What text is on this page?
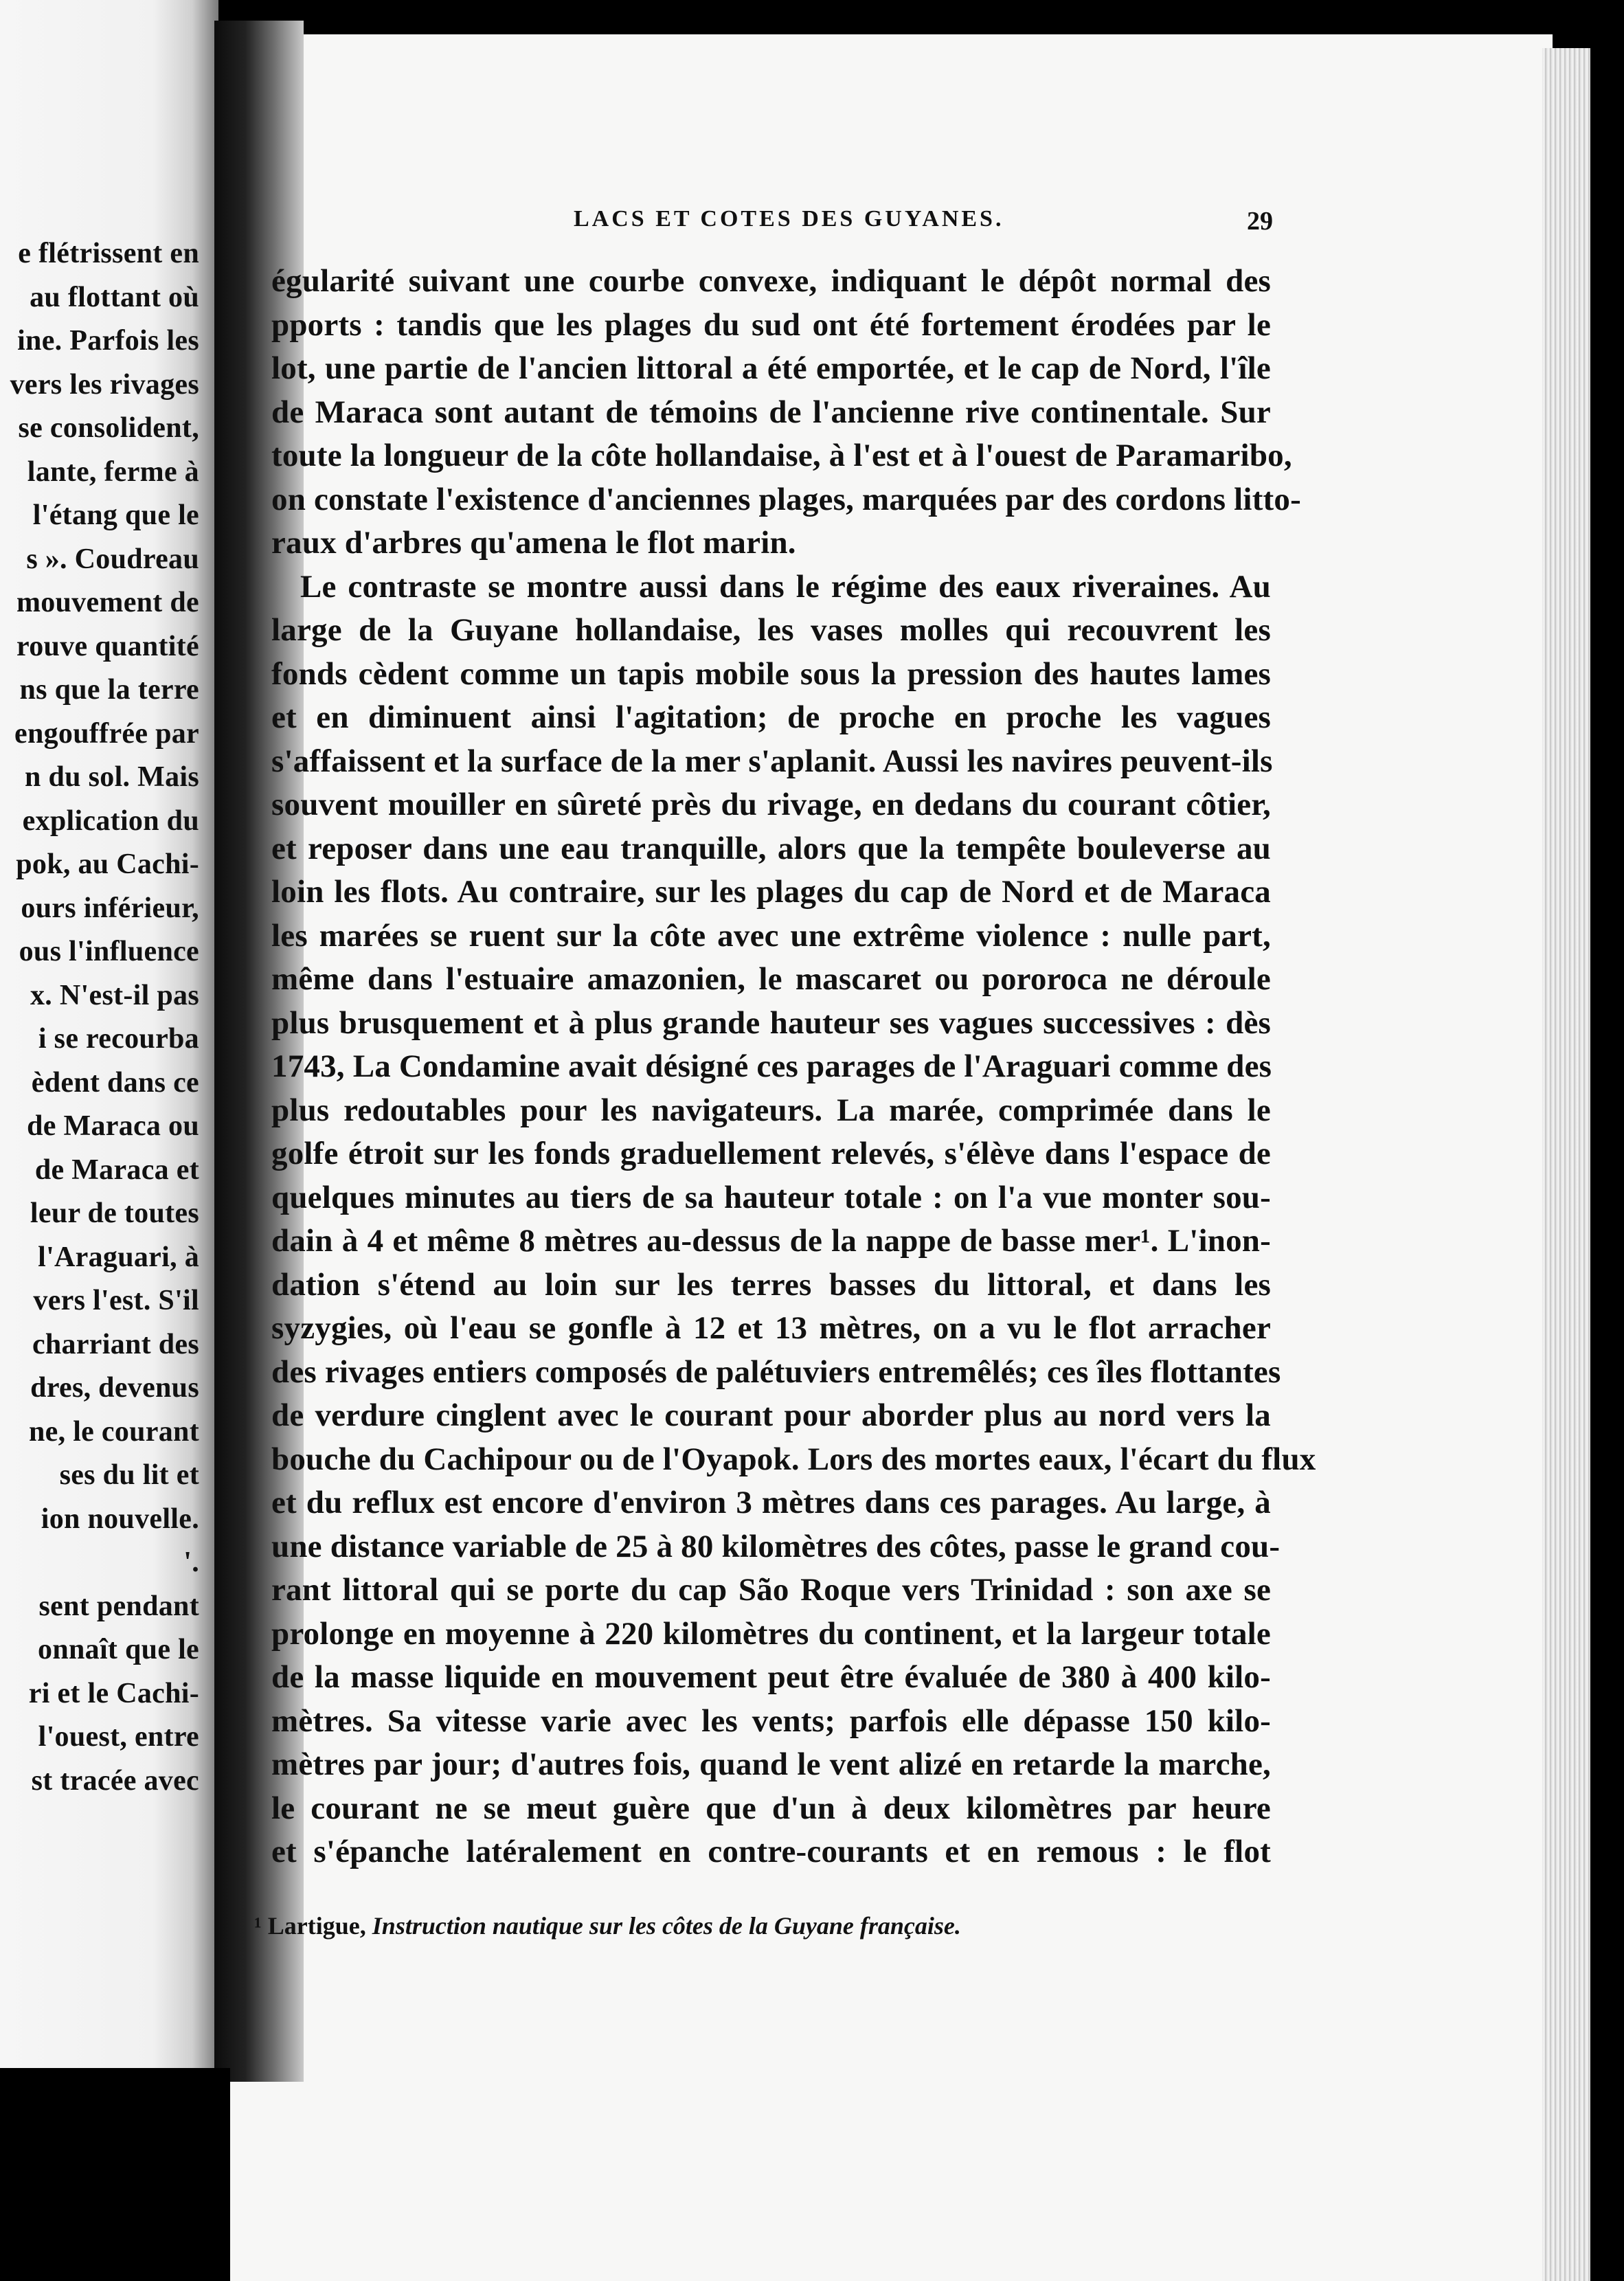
e flétrissent en
au flottant où
ine. Parfois les
vers les rivages
se consolident,
lante, ferme à
l'étang que le
s ». Coudreau
mouvement de
rouve quantité
ns que la terre
engouffrée par
n du sol. Mais
explication du
pok, au Cachi-
ours inférieur,
ous l'influence
x. N'est-il pas
i se recourba
èdent dans ce
de Maraca ou
de Maraca et
leur de toutes
l'Araguari, à
vers l'est. S'il
charriant des
dres, devenus
ne, le courant
ses du lit et
ion nouvelle.
'.
sent pendant
onnaît que le
ri et le Cachi-
l'ouest, entre
st tracée avec
LACS ET COTES DES GUYANES.	29
égularité suivant une courbe convexe, indiquant le dépôt normal des
pports : tandis que les plages du sud ont été fortement érodées par le
lot, une partie de l'ancien littoral a été emportée, et le cap de Nord, l'île
de Maraca sont autant de témoins de l'ancienne rive continentale. Sur
toute la longueur de la côte hollandaise, à l'est et à l'ouest de Paramaribo,
on constate l'existence d'anciennes plages, marquées par des cordons litto-
raux d'arbres qu'amena le flot marin.
Le contraste se montre aussi dans le régime des eaux riveraines. Au
large de la Guyane hollandaise, les vases molles qui recouvrent les
fonds cèdent comme un tapis mobile sous la pression des hautes lames
et en diminuent ainsi l'agitation; de proche en proche les vagues
s'affaissent et la surface de la mer s'aplanit. Aussi les navires peuvent-ils
souvent mouiller en sûreté près du rivage, en dedans du courant côtier,
et reposer dans une eau tranquille, alors que la tempête bouleverse au
loin les flots. Au contraire, sur les plages du cap de Nord et de Maraca
les marées se ruent sur la côte avec une extrême violence : nulle part,
même dans l'estuaire amazonien, le mascaret ou pororoca ne déroule
plus brusquement et à plus grande hauteur ses vagues successives : dès
1743, La Condamine avait désigné ces parages de l'Araguari comme des
plus redoutables pour les navigateurs. La marée, comprimée dans le
golfe étroit sur les fonds graduellement relevés, s'élève dans l'espace de
quelques minutes au tiers de sa hauteur totale : on l'a vue monter sou-
dain à 4 et même 8 mètres au-dessus de la nappe de basse mer¹. L'inon-
dation s'étend au loin sur les terres basses du littoral, et dans les
syzygies, où l'eau se gonfle à 12 et 13 mètres, on a vu le flot arracher
des rivages entiers composés de palétuviers entremêlés; ces îles flottantes
de verdure cinglent avec le courant pour aborder plus au nord vers la
bouche du Cachipour ou de l'Oyapok. Lors des mortes eaux, l'écart du flux
et du reflux est encore d'environ 3 mètres dans ces parages. Au large, à
une distance variable de 25 à 80 kilomètres des côtes, passe le grand cou-
rant littoral qui se porte du cap São Roque vers Trinidad : son axe se
prolonge en moyenne à 220 kilomètres du continent, et la largeur totale
de la masse liquide en mouvement peut être évaluée de 380 à 400 kilo-
mètres. Sa vitesse varie avec les vents; parfois elle dépasse 150 kilo-
mètres par jour; d'autres fois, quand le vent alizé en retarde la marche,
le courant ne se meut guère que d'un à deux kilomètres par heure
et s'épanche latéralement en contre-courants et en remous : le flot
¹ Lartigue, Instruction nautique sur les côtes de la Guyane française.
